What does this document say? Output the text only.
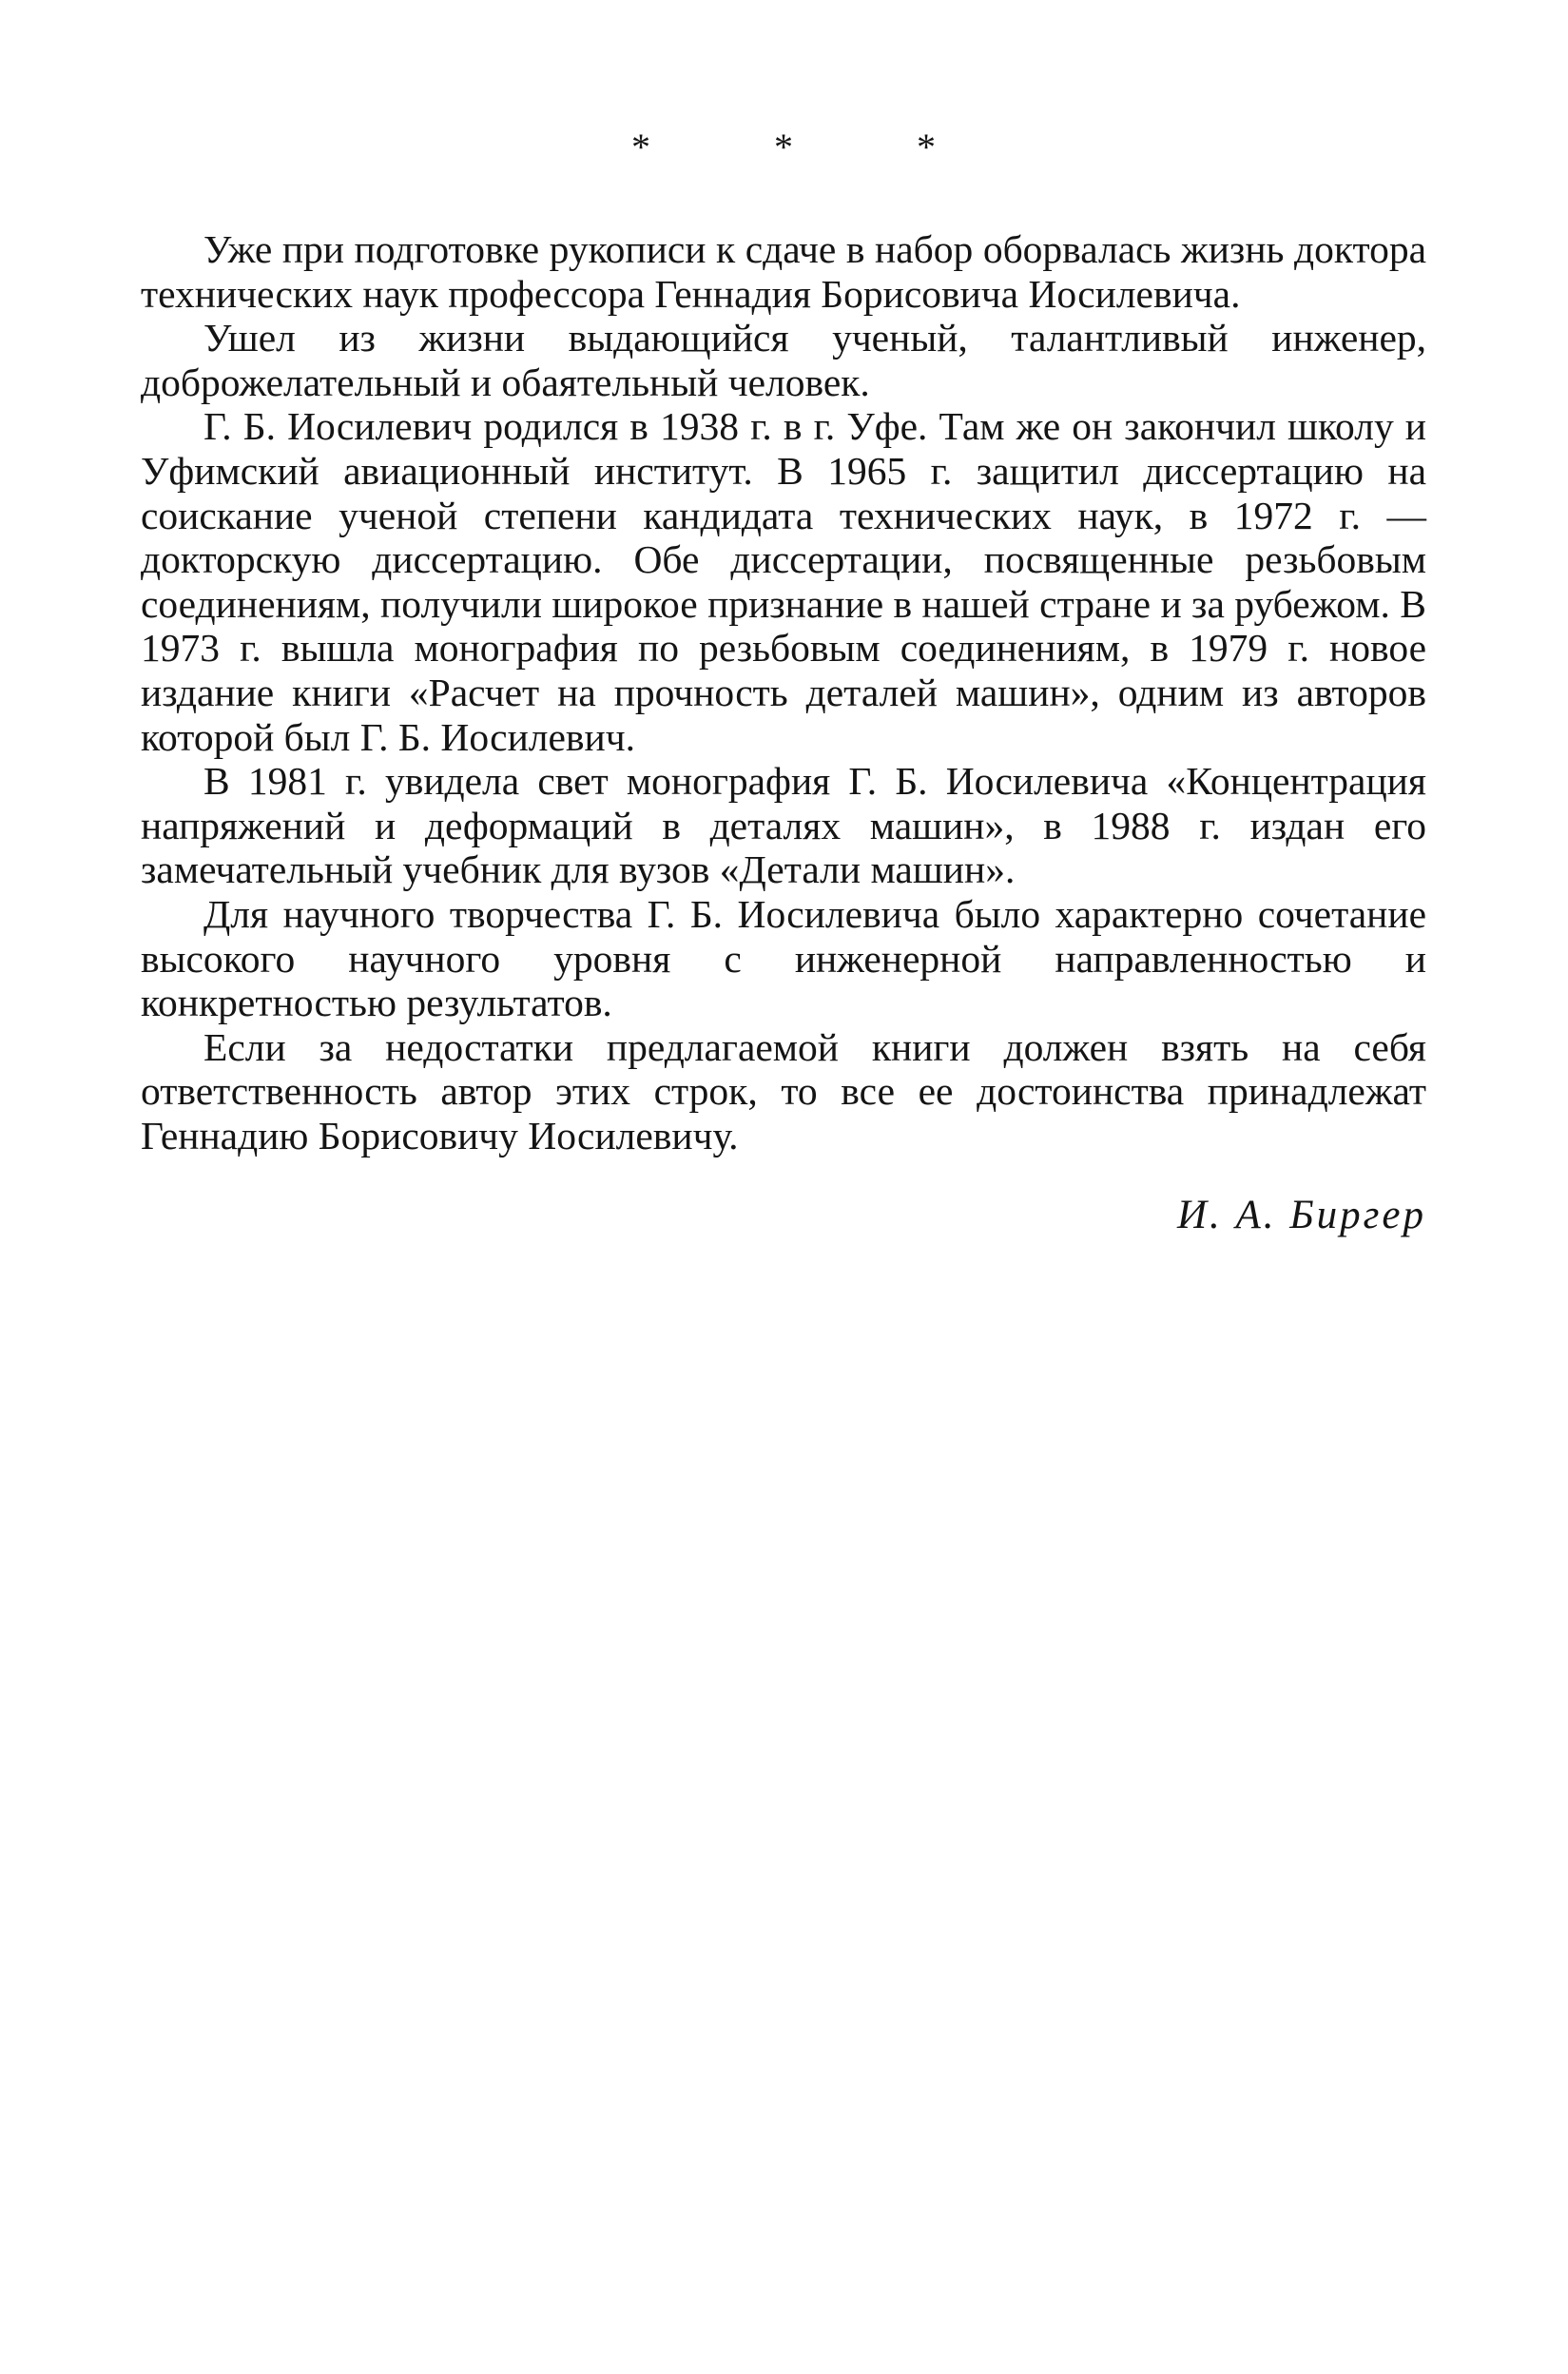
* * *

Уже при подготовке рукописи к сдаче в набор оборвалась жизнь доктора технических наук профессора Геннадия Борисовича Иосилевича.

Ушел из жизни выдающийся ученый, талантливый инженер, доброжелательный и обаятельный человек.

Г. Б. Иосилевич родился в 1938 г. в г. Уфе. Там же он закончил школу и Уфимский авиационный институт. В 1965 г. защитил диссертацию на соискание ученой степени кандидата технических наук, в 1972 г. — докторскую диссертацию. Обе диссертации, посвященные резьбовым соединениям, получили широкое признание в нашей стране и за рубежом. В 1973 г. вышла монография по резьбовым соединениям, в 1979 г. новое издание книги «Расчет на прочность деталей машин», одним из авторов которой был Г. Б. Иосилевич.

В 1981 г. увидела свет монография Г. Б. Иосилевича «Концентрация напряжений и деформаций в деталях машин», в 1988 г. издан его замечательный учебник для вузов «Детали машин».

Для научного творчества Г. Б. Иосилевича было характерно сочетание высокого научного уровня с инженерной направленностью и конкретностью результатов.

Если за недостатки предлагаемой книги должен взять на себя ответственность автор этих строк, то все ее достоинства принадлежат Геннадию Борисовичу Иосилевичу.

И. А. Биргер
